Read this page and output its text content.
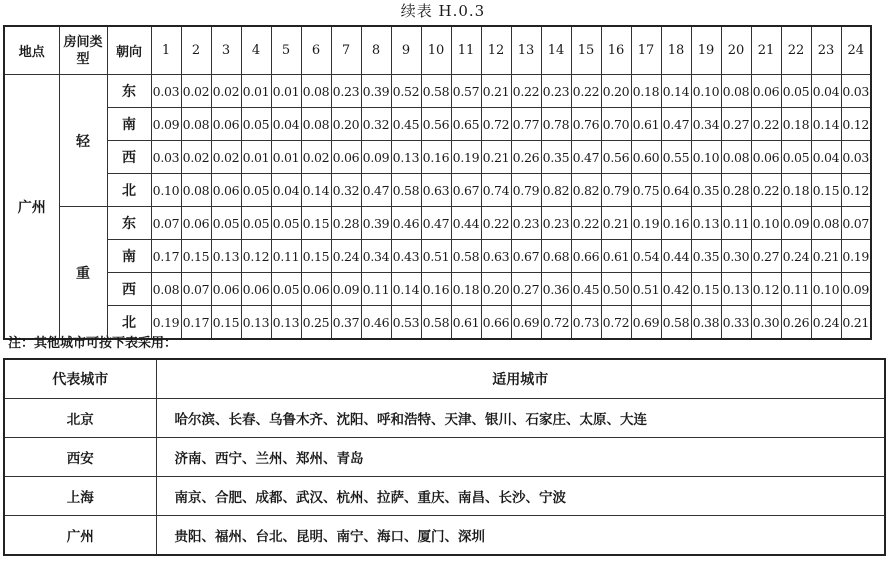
续表 H.0.3
地点	房间类型	朝向	1	2	3	4	5	6	7	8	9	10	11	12	13	14	15	16	17	18	19	20	21	22	23	24
广州	轻	东	0.03	0.02	0.02	0.01	0.01	0.08	0.23	0.39	0.52	0.58	0.57	0.21	0.22	0.23	0.22	0.20	0.18	0.14	0.10	0.08	0.06	0.05	0.04	0.03
		南	0.09	0.08	0.06	0.05	0.04	0.08	0.20	0.32	0.45	0.56	0.65	0.72	0.77	0.78	0.76	0.70	0.61	0.47	0.34	0.27	0.22	0.18	0.14	0.12
		西	0.03	0.02	0.02	0.01	0.01	0.02	0.06	0.09	0.13	0.16	0.19	0.21	0.26	0.35	0.47	0.56	0.60	0.55	0.10	0.08	0.06	0.05	0.04	0.03
		北	0.10	0.08	0.06	0.05	0.04	0.14	0.32	0.47	0.58	0.63	0.67	0.74	0.79	0.82	0.82	0.79	0.75	0.64	0.35	0.28	0.22	0.18	0.15	0.12
	重	东	0.07	0.06	0.05	0.05	0.05	0.15	0.28	0.39	0.46	0.47	0.44	0.22	0.23	0.23	0.22	0.21	0.19	0.16	0.13	0.11	0.10	0.09	0.08	0.07
		南	0.17	0.15	0.13	0.12	0.11	0.15	0.24	0.34	0.43	0.51	0.58	0.63	0.67	0.68	0.66	0.61	0.54	0.44	0.35	0.30	0.27	0.24	0.21	0.19
		西	0.08	0.07	0.06	0.06	0.05	0.06	0.09	0.11	0.14	0.16	0.18	0.20	0.27	0.36	0.45	0.50	0.51	0.42	0.15	0.13	0.12	0.11	0.10	0.09
		北	0.19	0.17	0.15	0.13	0.13	0.25	0.37	0.46	0.53	0.58	0.61	0.66	0.69	0.72	0.73	0.72	0.69	0.58	0.38	0.33	0.30	0.26	0.24	0.21
注：其他城市可按下表采用：
代表城市	适用城市
北京	哈尔滨、长春、乌鲁木齐、沈阳、呼和浩特、天津、银川、石家庄、太原、大连
西安	济南、西宁、兰州、郑州、青岛
上海	南京、合肥、成都、武汉、杭州、拉萨、重庆、南昌、长沙、宁波
广州	贵阳、福州、台北、昆明、南宁、海口、厦门、深圳
